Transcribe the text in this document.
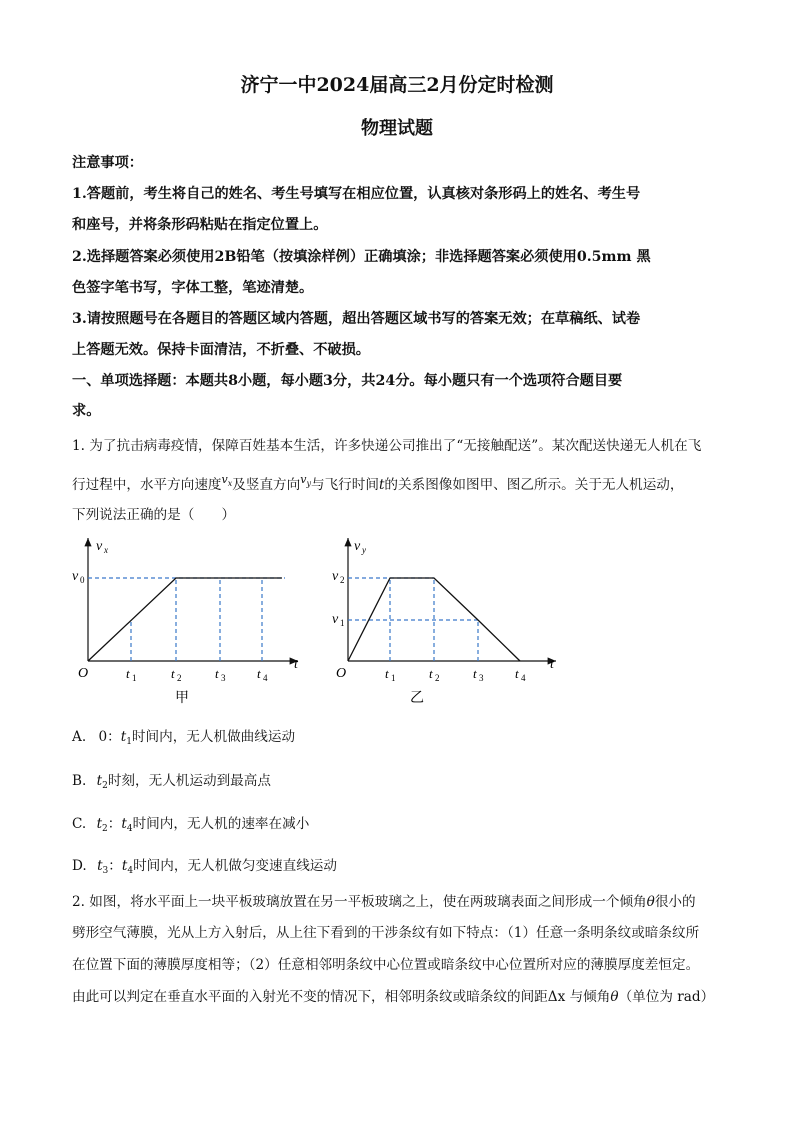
济宁一中2024届高三2月份定时检测
物理试题
注意事项：
1.答题前，考生将自己的姓名、考生号填写在相应位置，认真核对条形码上的姓名、考生号
和座号，并将条形码粘贴在指定位置上。
2.选择题答案必须使用2B铅笔（按填涂样例）正确填涂；非选择题答案必须使用0.5mm 黑
色签字笔书写，字体工整，笔迹清楚。
3.请按照题号在各题目的答题区域内答题，超出答题区域书写的答案无效；在草稿纸、试卷
上答题无效。保持卡面清洁，不折叠、不破损。
一、单项选择题：本题共8小题，每小题3分，共24分。每小题只有一个选项符合题目要
求。
1. 为了抗击病毒疫情，保障百姓基本生活，许多快递公司推出了“无接触配送”。某次配送快递无人机在飞
行过程中，水平方向速度$^{vx}$及竖直方向$^{vy}$与飞行时间t的关系图像如图甲、图乙所示。关于无人机运动，
下列说法正确的是（　　）
v x
v 0
O
t
t 1	t 2	t 3 t 4
甲
v y
v 2
v 1
O
t
t 1	t 2	t 3 t 4
乙
A. 0：$t_1$时间内，无人机做曲线运动
B. $t_2$时刻，无人机运动到最高点
C. $t_2$：$t_4$时间内，无人机的速率在减小
D. $t_3$：$t_4$时间内，无人机做匀变速直线运动
2. 如图，将水平面上一块平板玻璃放置在另一平板玻璃之上，使在两玻璃表面之间形成一个倾角θ很小的
劈形空气薄膜，光从上方入射后，从上往下看到的干涉条纹有如下特点：（1）任意一条明条纹或暗条纹所
在位置下面的薄膜厚度相等；（2）任意相邻明条纹中心位置或暗条纹中心位置所对应的薄膜厚度差恒定。
由此可以判定在垂直水平面的入射光不变的情况下，相邻明条纹或暗条纹的间距Δx 与倾角θ（单位为 rad）
